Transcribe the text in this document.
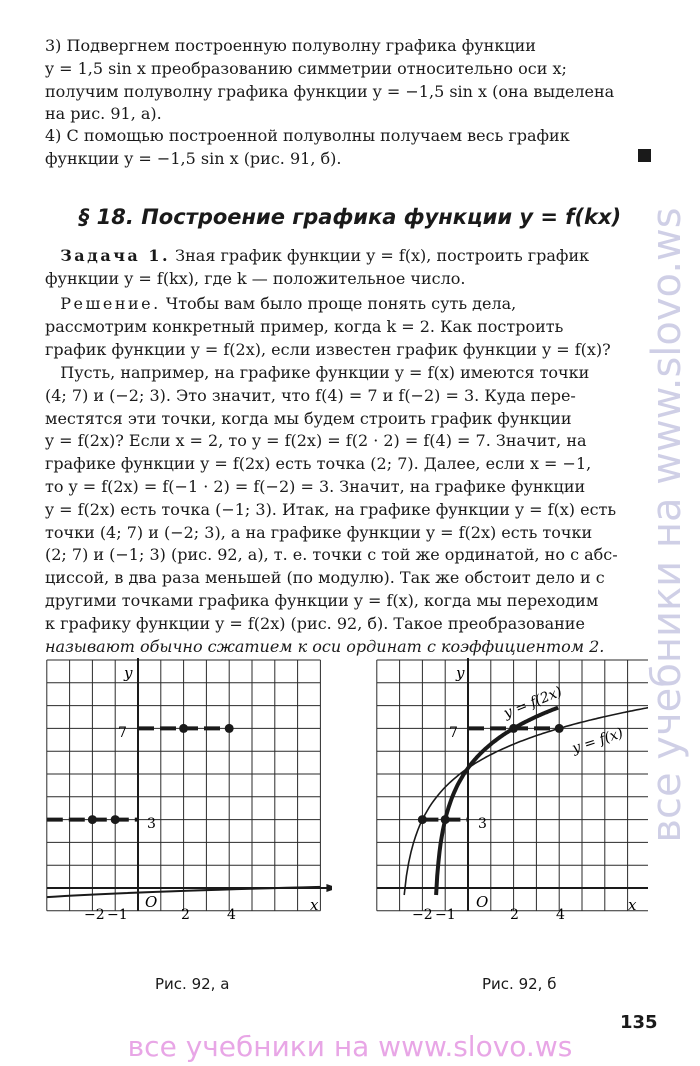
3) Подвергнем построенную полуволну графика функции
y = 1,5 sin x преобразованию симметрии относительно оси x;
получим полуволну графика функции y = −1,5 sin x (она выделена
на рис. 91, а).

4) С помощью построенной полуволны получаем весь график
функции y = −1,5 sin x (рис. 91, б).

§ 18. Построение графика функции y = f(kx)

Задача 1. Зная график функции y = f(x), построить график
функции y = f(kx), где k — положительное число.

Решение. Чтобы вам было проще понять суть дела,
рассмотрим конкретный пример, когда k = 2. Как построить
график функции y = f(2x), если известен график функции y = f(x)?

Пусть, например, на графике функции y = f(x) имеются точки
(4; 7) и (−2; 3). Это значит, что f(4) = 7 и f(−2) = 3. Куда пере-
местятся эти точки, когда мы будем строить график функции
y = f(2x)? Если x = 2, то y = f(2x) = f(2 · 2) = f(4) = 7. Значит, на
графике функции y = f(2x) есть точка (2; 7). Далее, если x = −1,
то y = f(2x) = f(−1 · 2) = f(−2) = 3. Значит, на графике функции
y = f(2x) есть точка (−1; 3). Итак, на графике функции y = f(x) есть
точки (4; 7) и (−2; 3), а на графике функции y = f(2x) есть точки
(2; 7) и (−1; 3) (рис. 92, а), т. е. точки с той же ординатой, но с абс-
циссой, в два раза меньшей (по модулю). Так же обстоит дело и с
другими точками графика функции y = f(x), когда мы переходим
к графику функции y = f(2x) (рис. 92, б). Такое преобразование
называют обычно сжатием к оси ординат с коэффициентом 2.

y
x
O
−2 −1	2	4
7
3
Рис. 92, а
y
x
O
−2 −1	2	4
7
3
y = f(2x)
y = f(x)
Рис. 92, б
135
все учебники на www.slovo.ws
все учебники на www.slovo.ws
